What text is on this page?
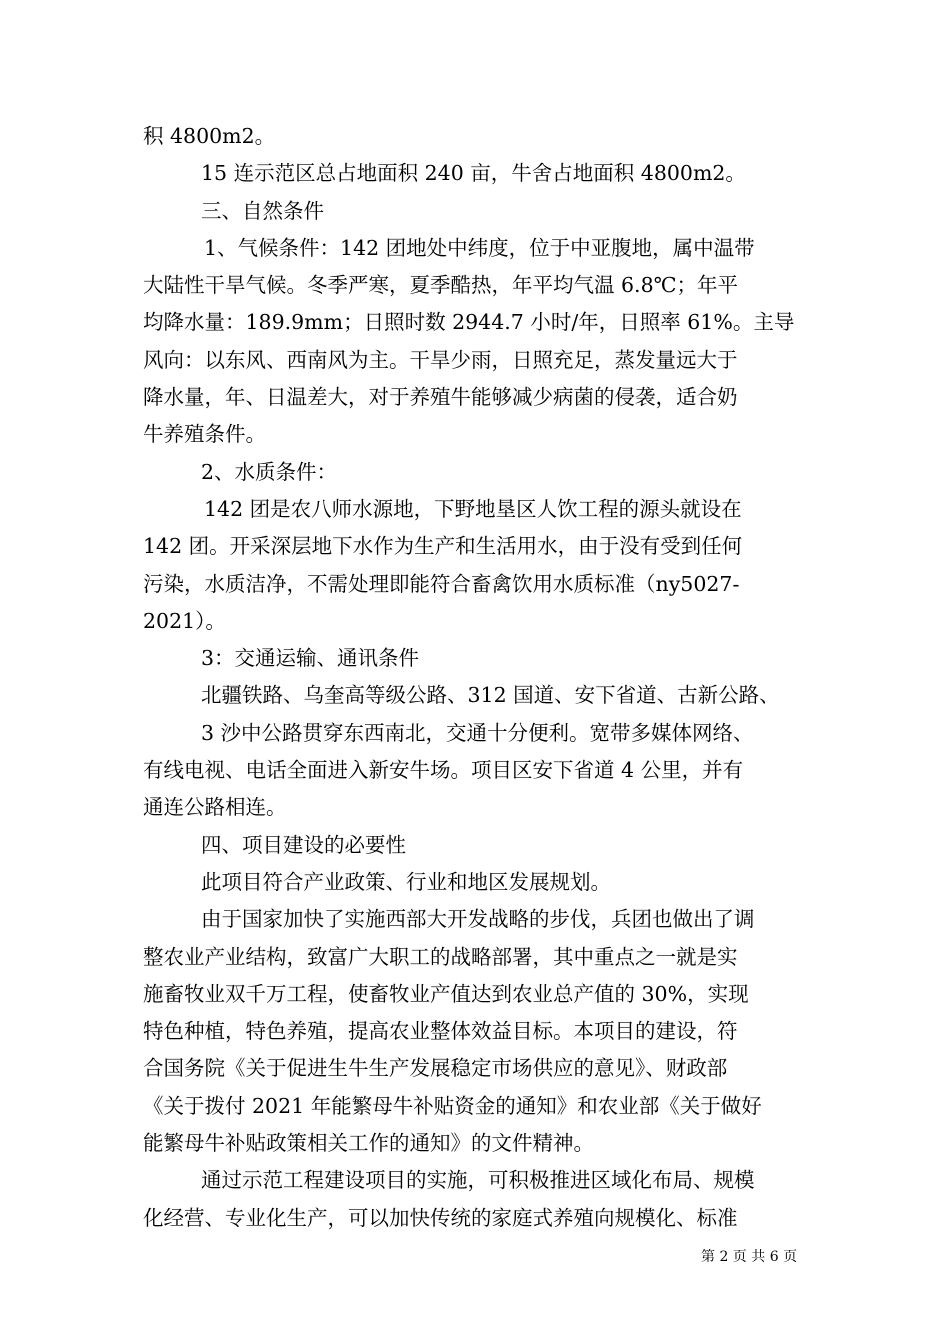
积 4800m2。
15 连示范区总占地面积 240 亩，牛舍占地面积 4800m2。
三、自然条件
1、气候条件：142 团地处中纬度，位于中亚腹地，属中温带
大陆性干旱气候。冬季严寒，夏季酷热，年平均气温 6.8℃；年平
均降水量：189.9mm；日照时数 2944.7 小时/年，日照率 61%。主导
风向：以东风、西南风为主。干旱少雨，日照充足，蒸发量远大于
降水量，年、日温差大，对于养殖牛能够减少病菌的侵袭，适合奶
牛养殖条件。
2、水质条件：
142 团是农八师水源地，下野地垦区人饮工程的源头就设在
142 团。开采深层地下水作为生产和生活用水，由于没有受到任何
污染，水质洁净，不需处理即能符合畜禽饮用水质标准（ny5027-
2021）。
3：交通运输、通讯条件
北疆铁路、乌奎高等级公路、312 国道、安下省道、古新公路、
3 沙中公路贯穿东西南北，交通十分便利。宽带多媒体网络、
有线电视、电话全面进入新安牛场。项目区安下省道 4 公里，并有
通连公路相连。
四、项目建设的必要性
此项目符合产业政策、行业和地区发展规划。
由于国家加快了实施西部大开发战略的步伐，兵团也做出了调
整农业产业结构，致富广大职工的战略部署，其中重点之一就是实
施畜牧业双千万工程，使畜牧业产值达到农业总产值的 30%，实现
特色种植，特色养殖，提高农业整体效益目标。本项目的建设，符
合国务院《关于促进生牛生产发展稳定市场供应的意见》、财政部
《关于拨付 2021 年能繁母牛补贴资金的通知》和农业部《关于做好
能繁母牛补贴政策相关工作的通知》的文件精神。
通过示范工程建设项目的实施，可积极推进区域化布局、规模
化经营、专业化生产，可以加快传统的家庭式养殖向规模化、标准
第 2 页 共 6 页
